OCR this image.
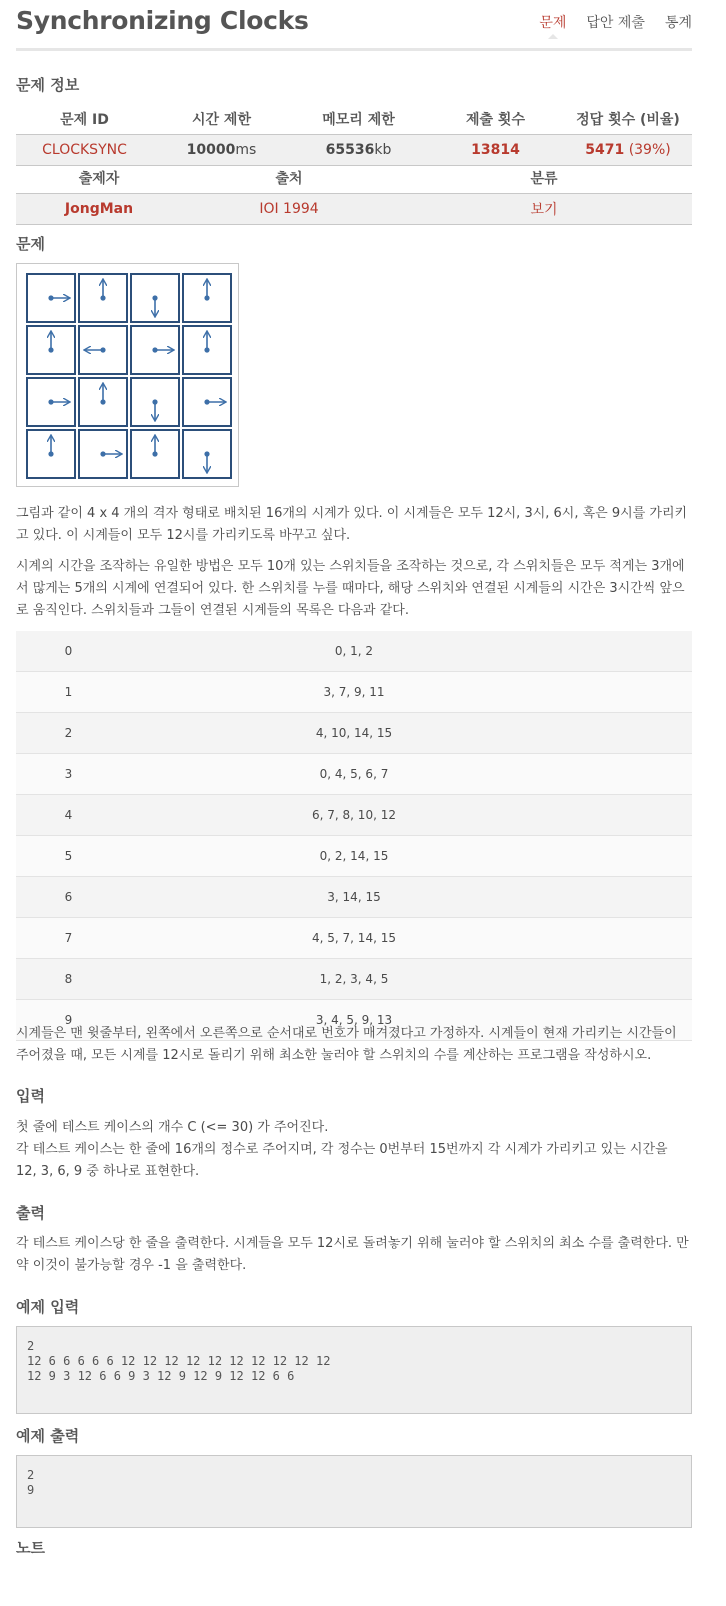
Synchronizing Clocks	문제 답안 제출 통계
문제 정보
문제 ID	시간 제한	메모리 제한	제출 횟수	정답 횟수 (비율)
CLOCKSYNC	10000ms	65536kb	13814	5471 (39%)
출제자	출처	분류
JongMan	IOI 1994	보기
문제

그림과 같이 4 x 4 개의 격자 형태로 배치된 16개의 시계가 있다. 이 시계들은 모두 12시, 3시, 6시, 혹은 9시를 가리키고 있다. 이 시계들이 모두 12시를 가리키도록 바꾸고 싶다.

시계의 시간을 조작하는 유일한 방법은 모두 10개 있는 스위치들을 조작하는 것으로, 각 스위치들은 모두 적게는 3개에서 많게는 5개의 시계에 연결되어 있다. 한 스위치를 누를 때마다, 해당 스위치와 연결된 시계들의 시간은 3시간씩 앞으로 움직인다. 스위치들과 그들이 연결된 시계들의 목록은 다음과 같다.

0	0, 1, 2
1	3, 7, 9, 11
2	4, 10, 14, 15
3	0, 4, 5, 6, 7
4	6, 7, 8, 10, 12
5	0, 2, 14, 15
6	3, 14, 15
7	4, 5, 7, 14, 15
8	1, 2, 3, 4, 5
9	3, 4, 5, 9, 13

시계들은 맨 윗줄부터, 왼쪽에서 오른쪽으로 순서대로 번호가 매겨졌다고 가정하자. 시계들이 현재 가리키는 시간들이 주어졌을 때, 모든 시계를 12시로 돌리기 위해 최소한 눌러야 할 스위치의 수를 계산하는 프로그램을 작성하시오.

입력

첫 줄에 테스트 케이스의 개수 C (<= 30) 가 주어진다.
각 테스트 케이스는 한 줄에 16개의 정수로 주어지며, 각 정수는 0번부터 15번까지 각 시계가 가리키고 있는 시간을 12, 3, 6, 9 중 하나로 표현한다.

출력

각 테스트 케이스당 한 줄을 출력한다. 시계들을 모두 12시로 돌려놓기 위해 눌러야 할 스위치의 최소 수를 출력한다. 만약 이것이 불가능할 경우 -1 을 출력한다.

예제 입력
2
12 6 6 6 6 6 12 12 12 12 12 12 12 12 12 12
12 9 3 12 6 6 9 3 12 9 12 9 12 12 6 6
예제 출력
2
9
노트
